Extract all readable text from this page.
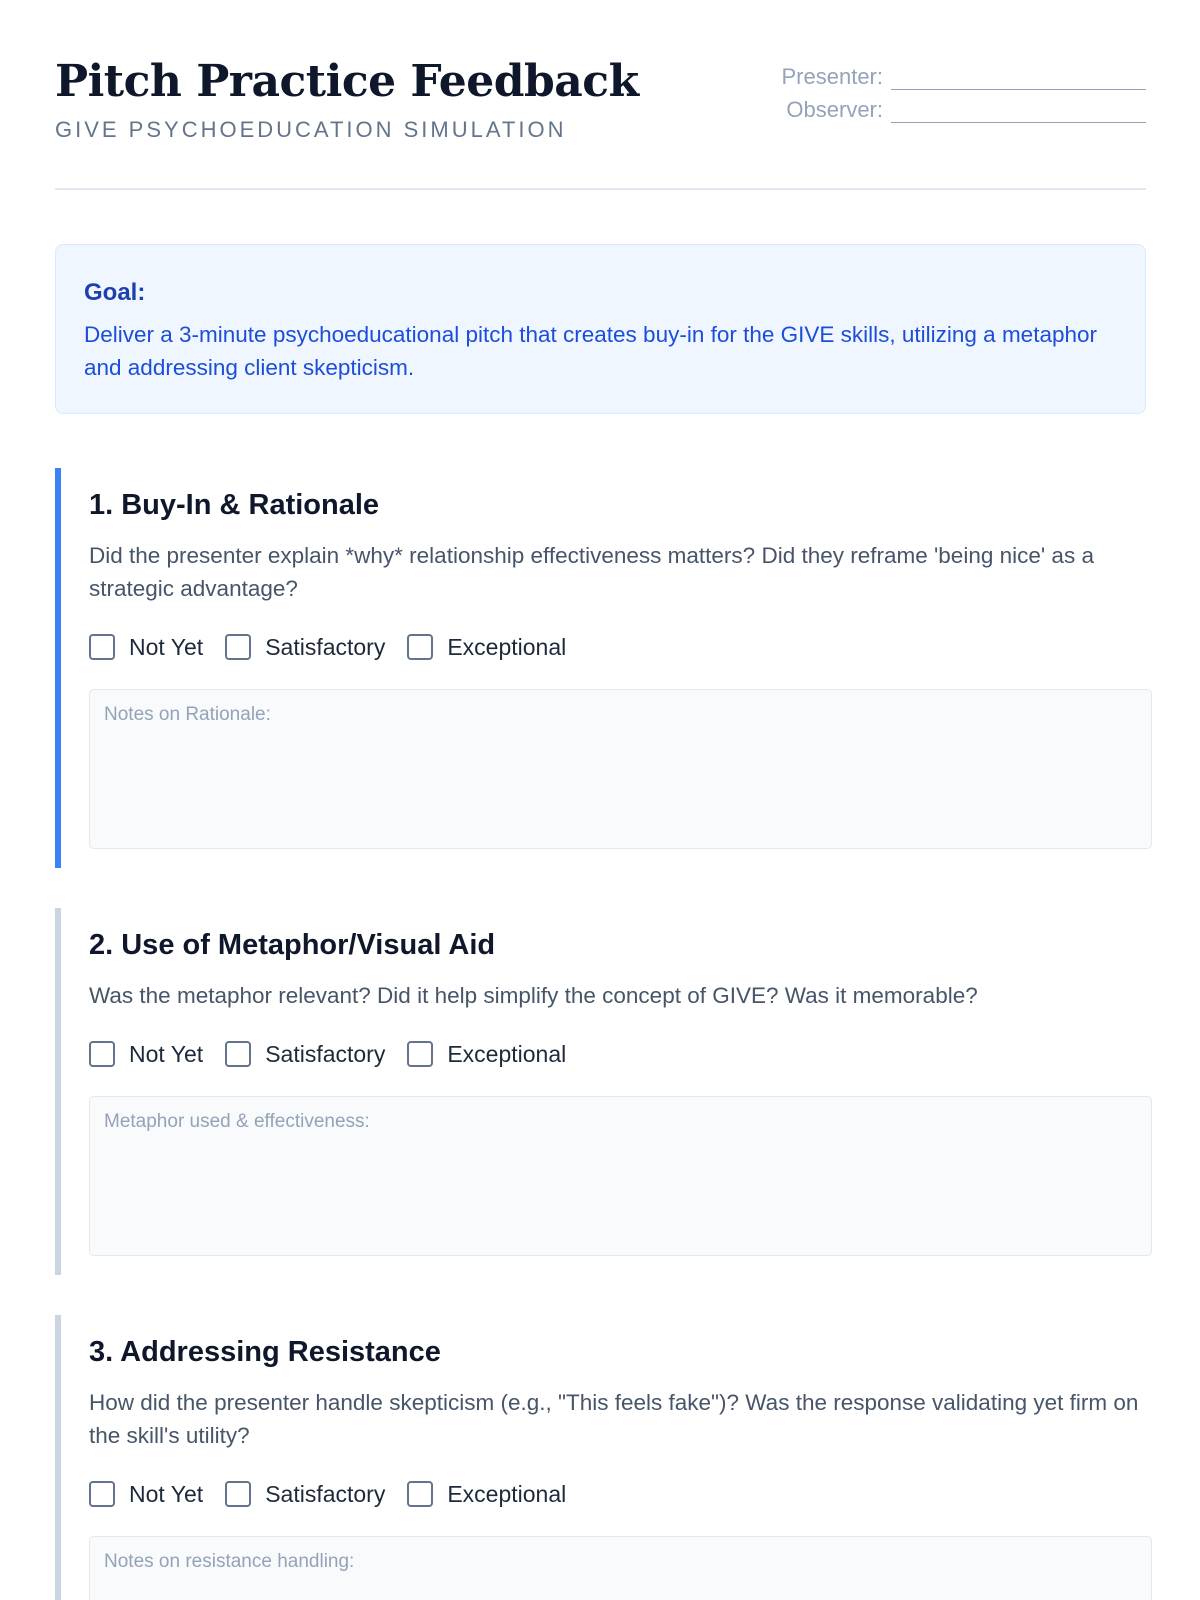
Pitch Practice Feedback
GIVE PSYCHOEDUCATION SIMULATION
Presenter:
Observer:
Goal:
Deliver a 3-minute psychoeducational pitch that creates buy-in for the GIVE skills, utilizing a metaphor and addressing client skepticism.
1. Buy-In & Rationale
Did the presenter explain *why* relationship effectiveness matters? Did they reframe 'being nice' as a strategic advantage?
Not Yet	Satisfactory	Exceptional
Notes on Rationale:
2. Use of Metaphor/Visual Aid
Was the metaphor relevant? Did it help simplify the concept of GIVE? Was it memorable?
Not Yet	Satisfactory	Exceptional
Metaphor used & effectiveness:
3. Addressing Resistance
How did the presenter handle skepticism (e.g., "This feels fake")? Was the response validating yet firm on the skill's utility?
Not Yet	Satisfactory	Exceptional
Notes on resistance handling:
